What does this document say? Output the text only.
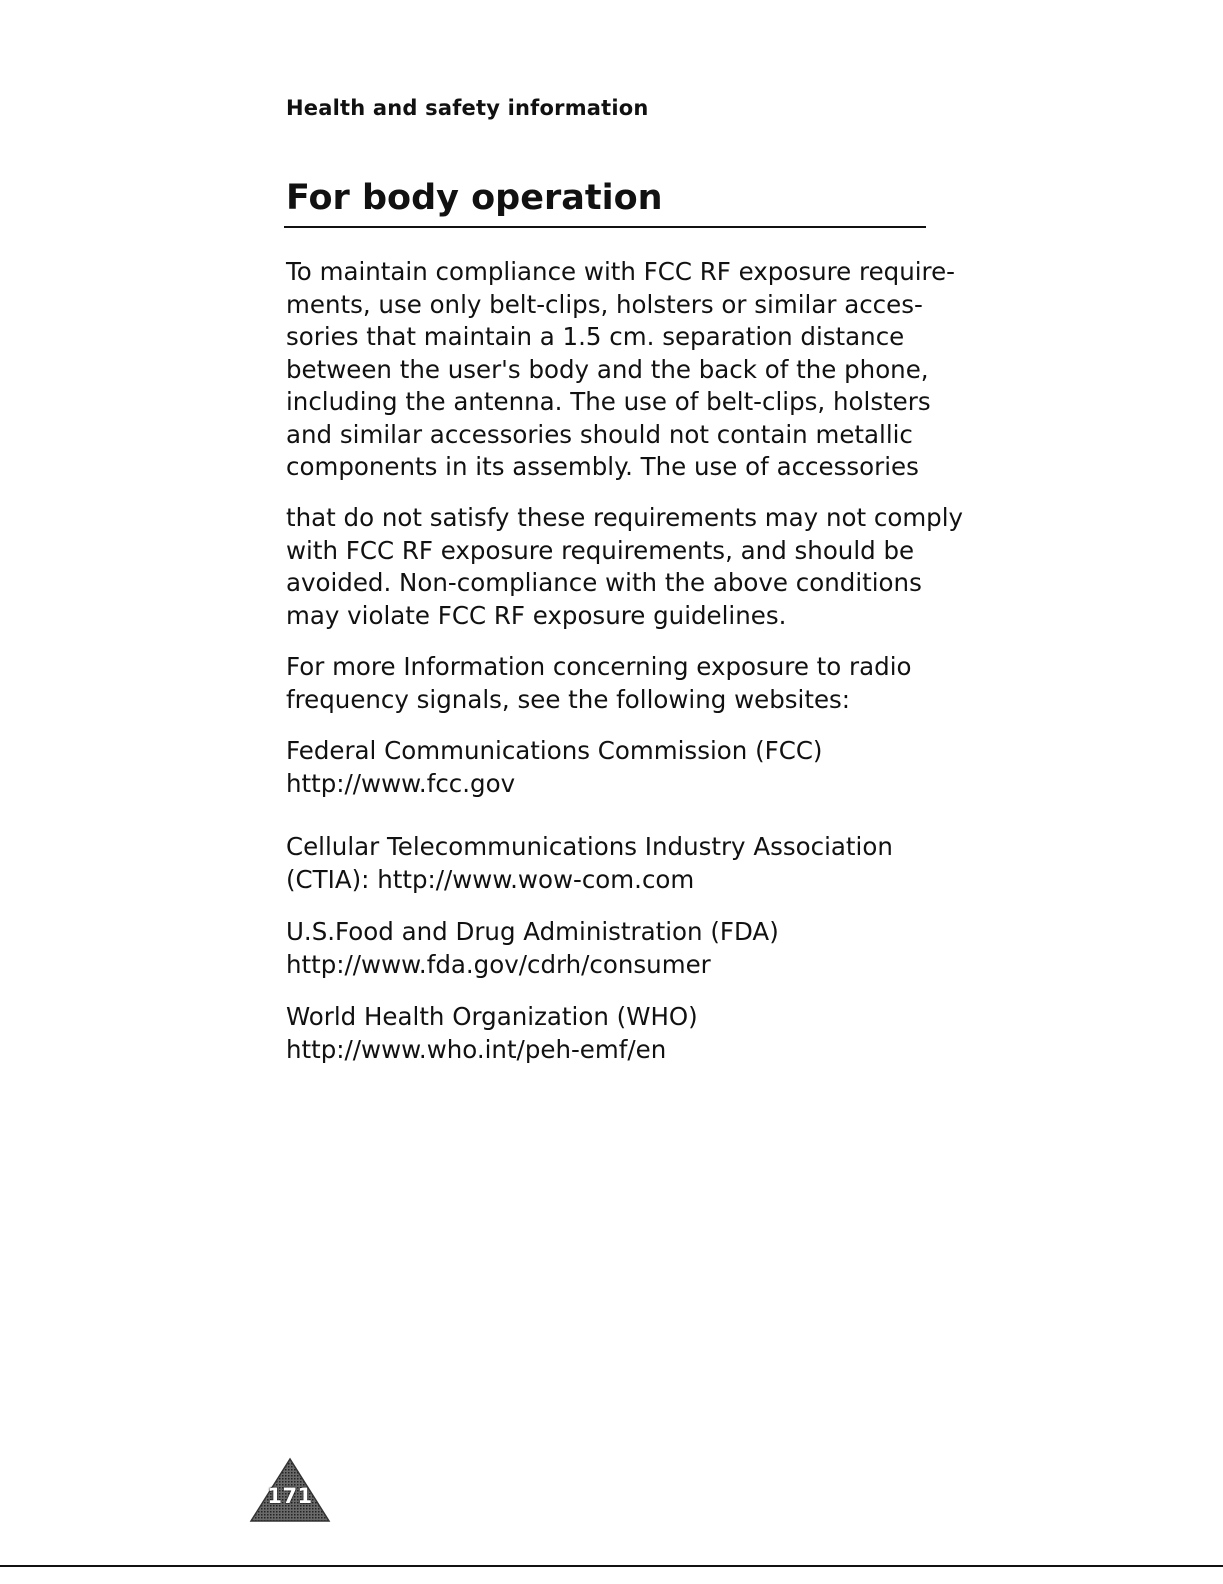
Health and safety information
For body operation

To maintain compliance with FCC RF exposure require-
ments, use only belt-clips, holsters or similar acces-
sories that maintain a 1.5 cm. separation distance
between the user's body and the back of the phone,
including the antenna. The use of belt-clips, holsters
and similar accessories should not contain metallic
components in its assembly. The use of accessories

that do not satisfy these requirements may not comply
with FCC RF exposure requirements, and should be
avoided. Non-compliance with the above conditions
may violate FCC RF exposure guidelines.

For more Information concerning exposure to radio
frequency signals, see the following websites:

Federal Communications Commission (FCC)
http://www.fcc.gov

Cellular Telecommunications Industry Association
(CTIA): http://www.wow-com.com

U.S.Food and Drug Administration (FDA)
http://www.fda.gov/cdrh/consumer

World Health Organization (WHO)
http://www.who.int/peh-emf/en

171
